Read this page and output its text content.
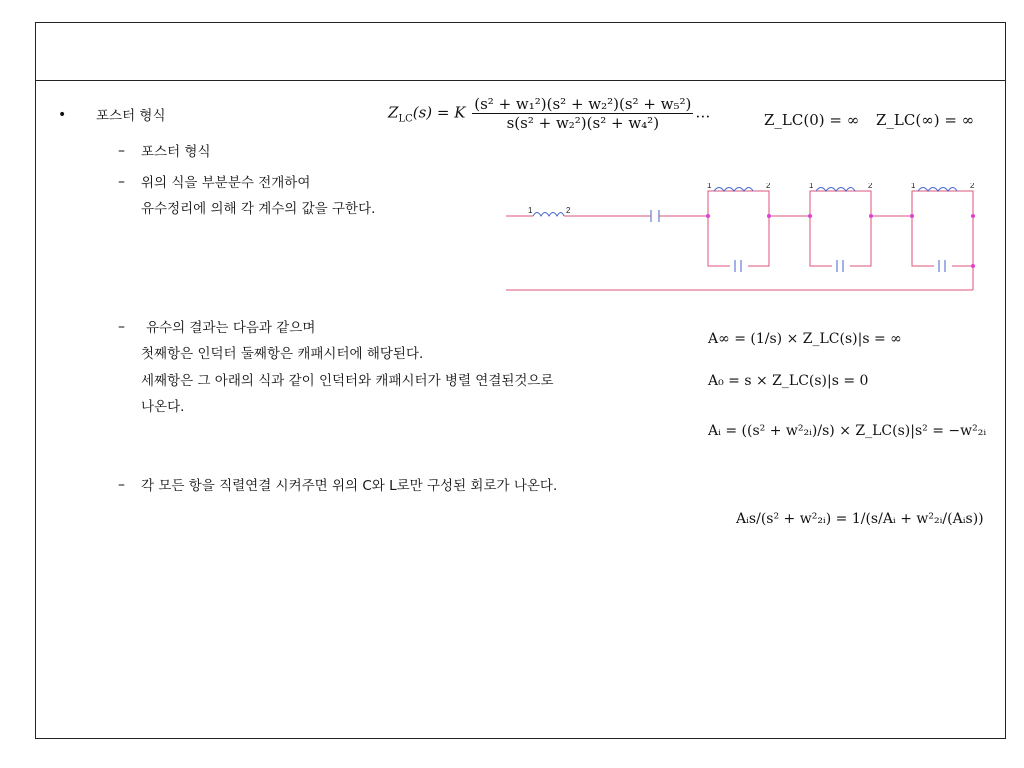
• 포스터 형식
– 포스터 형식
– 위의 식을 부분분수 전개하여
유수정리에 의해 각 계수의 값을 구한다.
– 유수의 결과는 다음과 같으며
첫째항은 인덕터 둘째항은 캐패시터에 해당된다.
세째항은 그 아래의 식과 같이 인덕터와 캐패시터가 병렬 연결된것으로
나온다.
– 각 모든 항을 직렬연결 시켜주면 위의 C와 L로만 구성된 회로가 나온다.
$Z_{LC}(s) = K \frac{\text{(s² + w₁²)(s² + w₂²)(s² + w₅²)}}{\text{s(s² + w₂²)(s² + w₄²)}}$ …	Z_LC(0) = ∞ Z_LC(∞) = ∞
A∞ = (1/s) × Z_LC(s)|s = ∞
A₀ = s × Z_LC(s)|s = 0
Aᵢ = ((s² + w²₂ᵢ)/s) × Z_LC(s)|s² = −w²₂ᵢ
Aᵢs/(s² + w²₂ᵢ) = 1/(s/Aᵢ + w²₂ᵢ/(Aᵢs))
1	2
1	2	1	2	1	2
